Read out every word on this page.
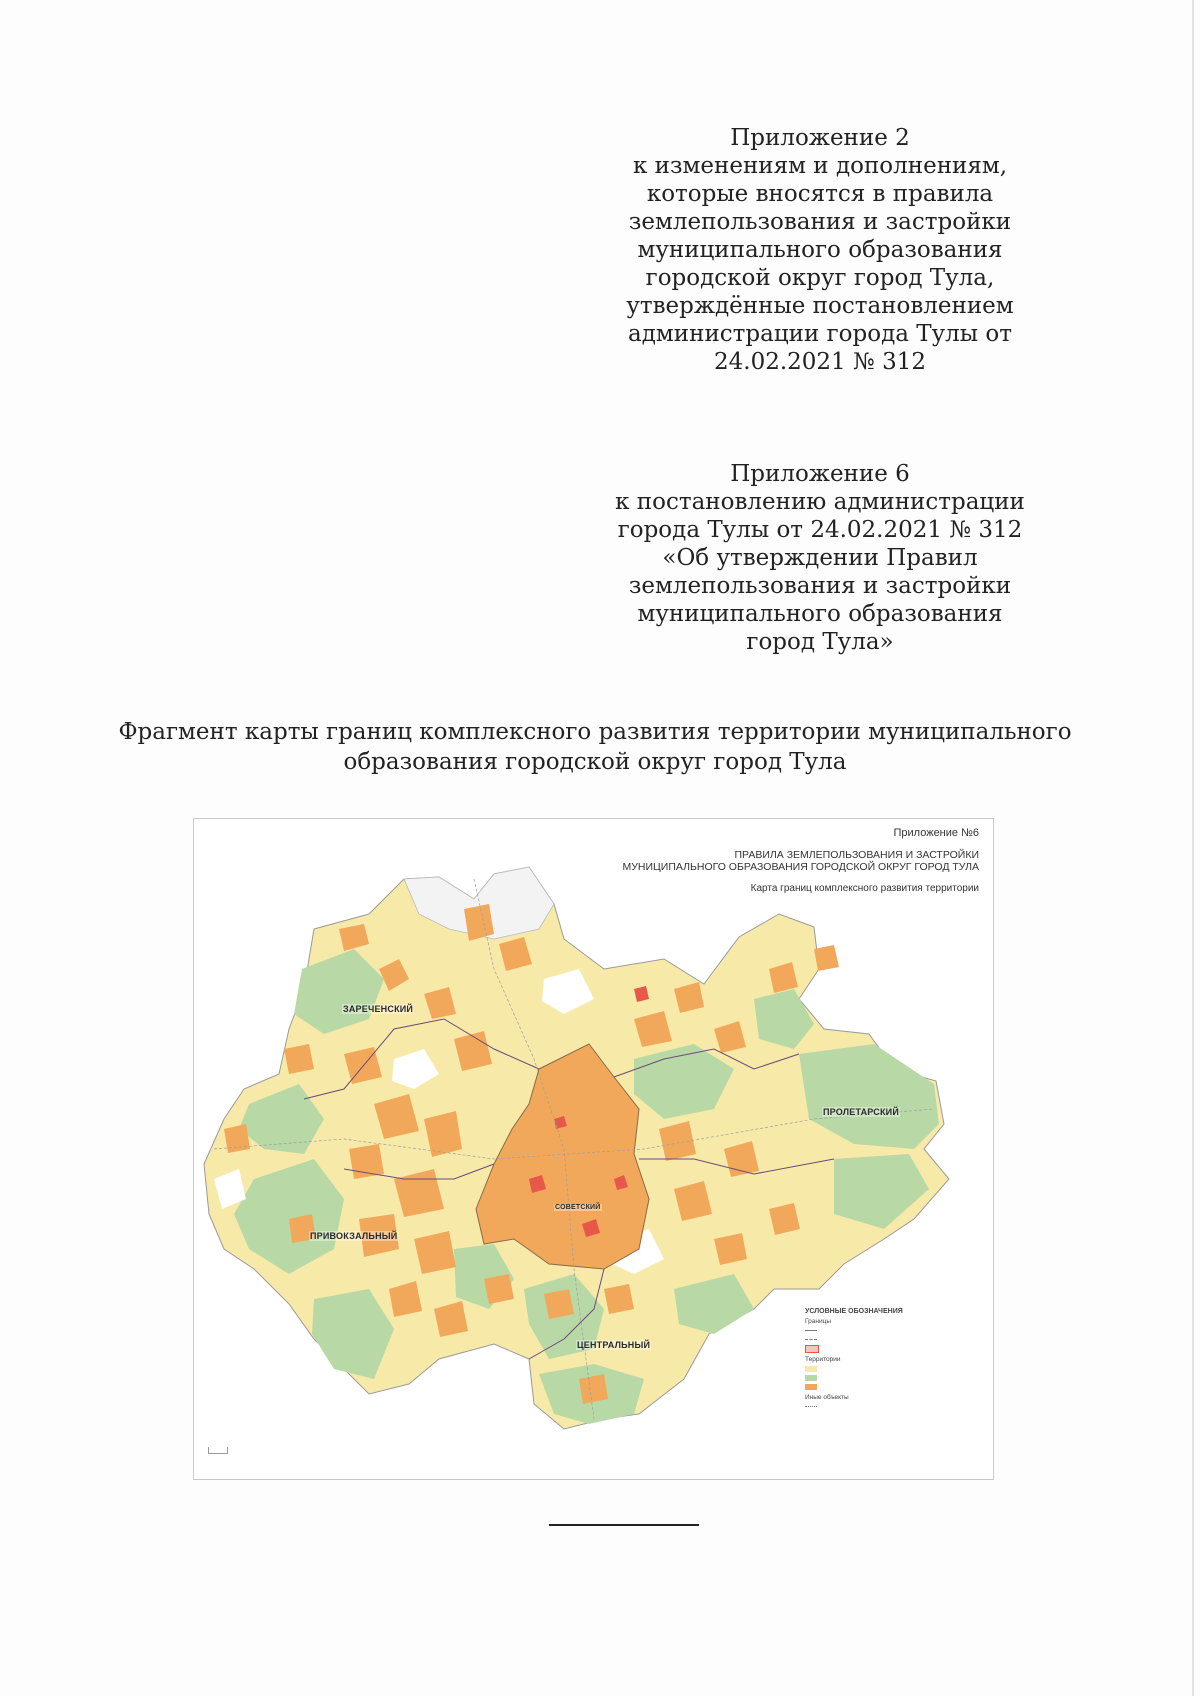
Приложение 2
к изменениям и дополнениям,
которые вносятся в правила
землепользования и застройки
муниципального образования
городской округ город Тула,
утверждённые постановлением
администрации города Тулы от
24.02.2021 № 312
Приложение 6
к постановлению администрации
города Тулы от 24.02.2021 № 312
«Об утверждении Правил
землепользования и застройки
муниципального образования
город Тула»
Фрагмент карты границ комплексного развития территории муниципального
образования городской округ город Тула
Приложение №6
ПРАВИЛА ЗЕМЛЕПОЛЬЗОВАНИЯ И ЗАСТРОЙКИ
МУНИЦИПАЛЬНОГО ОБРАЗОВАНИЯ ГОРОДСКОЙ ОКРУГ ГОРОД ТУЛА
Карта границ комплексного развития территории
ЗАРЕЧЕНСКИЙ
ПРОЛЕТАРСКИЙ
ПРИВОКЗАЛЬНЫЙ
СОВЕТСКИЙ
ЦЕНТРАЛЬНЫЙ
УСЛОВНЫЕ ОБОЗНАЧЕНИЯ
Границы
Территории
Иные объекты
